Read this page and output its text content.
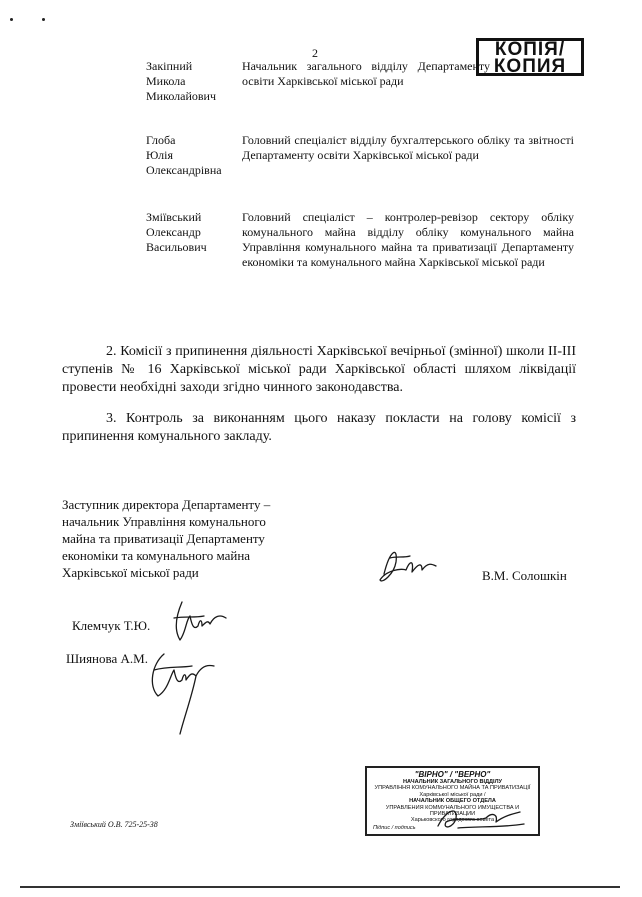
2	КОПІЯ/
КОПИЯ
Закіпний
Микола
Миколайович
Начальник загального відділу Департаменту освіти Харківської міської ради
Глоба
Юлія
Олександрівна
Головний спеціаліст відділу бухгалтерського обліку та звітності Департаменту освіти Харківської міської ради
Зміївський
Олександр
Васильович
Головний спеціаліст – контролер-ревізор сектору обліку комунального майна відділу обліку комунального майна Управління комунального майна та приватизації Департаменту економіки та комунального майна Харківської міської ради
2. Комісії з припинення діяльності Харківської вечірньої (змінної) школи ІІ-ІІІ ступенів № 16 Харківської міської ради Харківської області шляхом ліквідації провести необхідні заходи згідно чинного законодавства.
3. Контроль за виконанням цього наказу покласти на голову комісії з припинення комунального закладу.
Заступник директора Департаменту –
начальник Управління комунального
майна та приватизації Департаменту
економіки та комунального майна
Харківської міської ради	В.М. Солошкін
Клемчук Т.Ю.
Шиянова А.М.
"ВІРНО" / "ВЕРНО"
НАЧАЛЬНИК ЗАГАЛЬНОГО ВІДДІЛУ
УПРАВЛІННЯ КОМУНАЛЬНОГО МАЙНА ТА ПРИВАТИЗАЦІЇ
Харківської міської ради /
НАЧАЛЬНИК ОБЩЕГО ОТДЕЛА
УПРАВЛЕНИЯ КОММУНАЛЬНОГО ИМУЩЕСТВА И ПРИВАТИЗАЦИИ
Харьковского городского совета
Підпис / подпись
Зміївський О.В. 725-25-38
